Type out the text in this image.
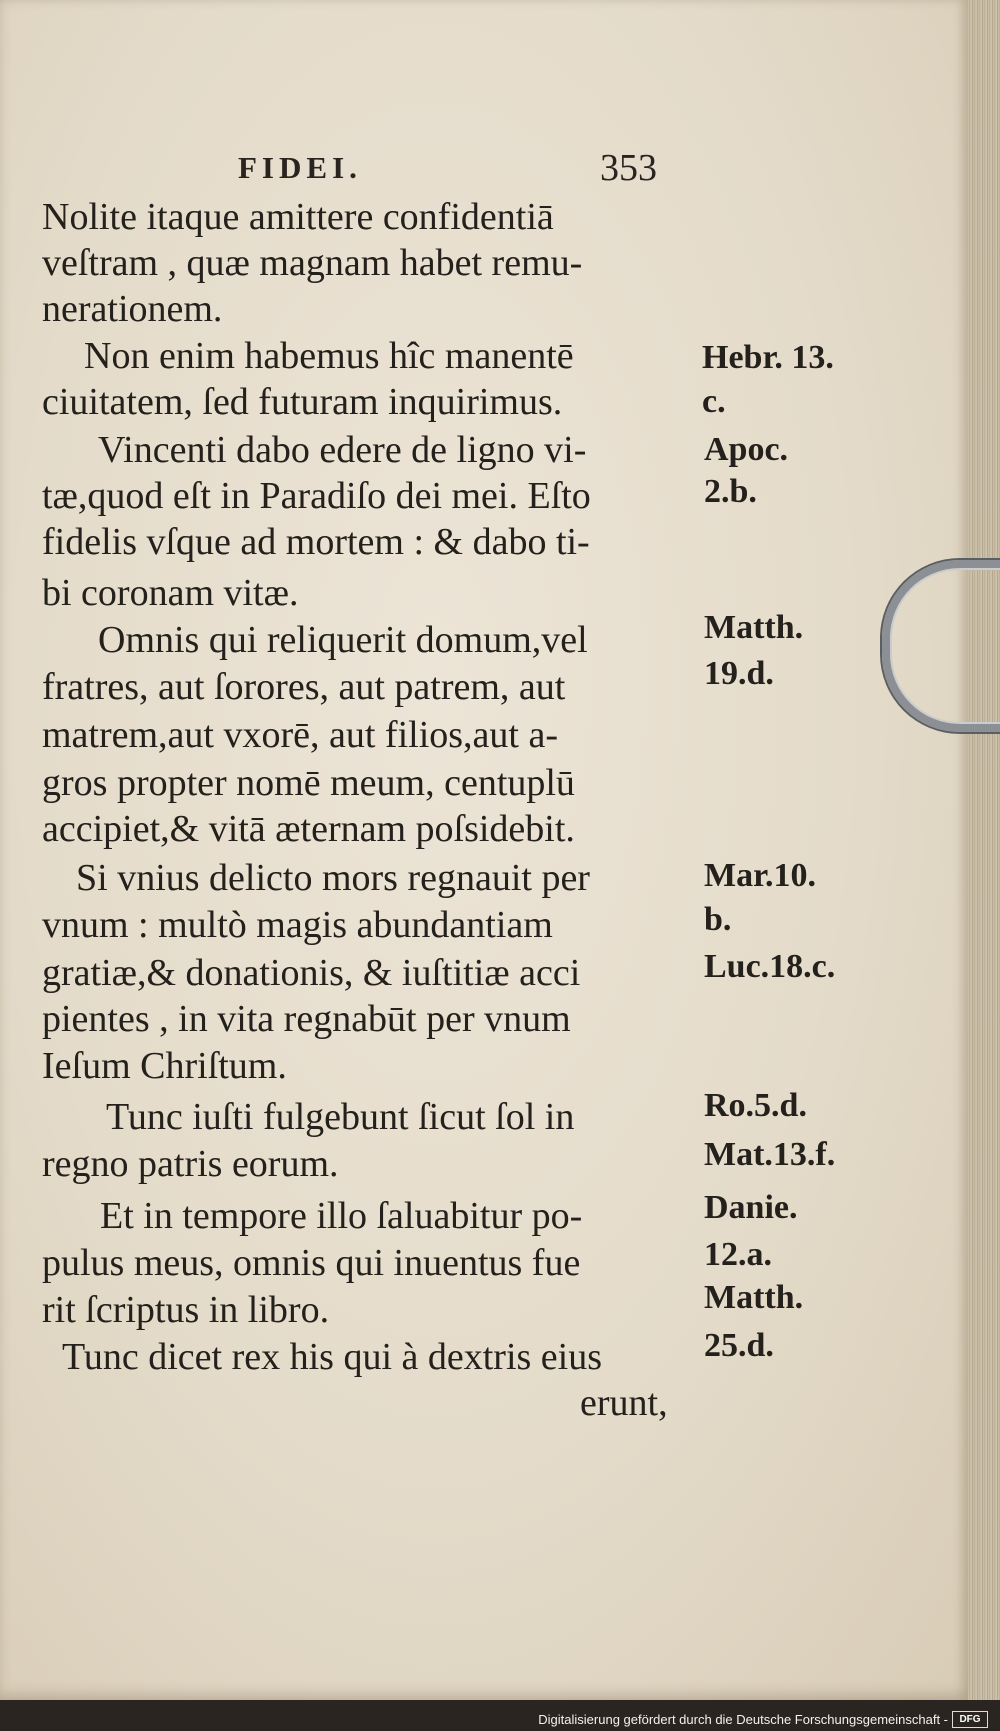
FIDEI.	353
Nolite itaque amittere confidentiā
veſtram , quæ magnam habet remu-
nerationem.
Non enim habemus hîc manentē
ciuitatem, ſed futuram inquirimus.
Vincenti dabo edere de ligno vi-
tæ,quod eſt in Paradiſo dei mei. Eſto
fidelis vſque ad mortem : & dabo ti-
bi coronam vitæ.
Omnis qui reliquerit domum,vel
fratres, aut ſorores, aut patrem, aut
matrem,aut vxorē, aut filios,aut a-
gros propter nomē meum, centuplū
accipiet,& vitā æternam poſsidebit.
Si vnius delicto mors regnauit per
vnum : multò magis abundantiam
gratiæ,& donationis, & iuſtitiæ acci
pientes , in vita regnabūt per vnum
Ieſum Chriſtum.
Tunc iuſti fulgebunt ſicut ſol in
regno patris eorum.
Et in tempore illo ſaluabitur po-
pulus meus, omnis qui inuentus fue
rit ſcriptus in libro.
Tunc dicet rex his qui à dextris eius
erunt,
Hebr. 13.
c.
Apoc.
2.b.
Matth.
19.d.
Mar.10.
b.
Luc.18.c.
Ro.5.d.
Mat.13.f.
Danie.
12.a.
Matth.
25.d.
Digitalisierung gefördert durch die Deutsche Forschungsgemeinschaft -	DFG
